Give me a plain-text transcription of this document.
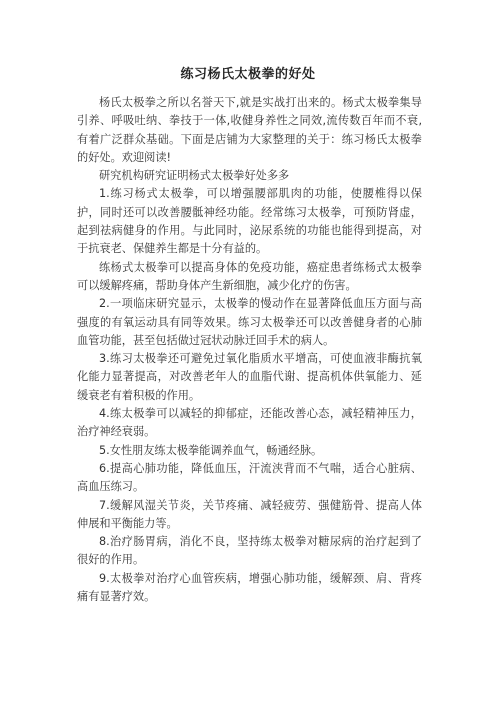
练习杨氏太极拳的好处

杨氏太极拳之所以名誉天下,就是实战打出来的。杨式太极拳集导引养、呼吸吐纳、拳技于一体,收健身养性之同效,流传数百年而不衰,有着广泛群众基础。下面是店铺为大家整理的关于：练习杨氏太极拳的好处。欢迎阅读!

研究机构研究证明杨式太极拳好处多多

1.练习杨式太极拳，可以增强腰部肌肉的功能，使腰椎得以保护，同时还可以改善腰骶神经功能。经常练习太极拳，可预防肾虚，起到祛病健身的作用。与此同时，泌尿系统的功能也能得到提高，对于抗衰老、保健养生都是十分有益的。

练杨式太极拳可以提高身体的免疫功能，癌症患者练杨式太极拳可以缓解疼痛，帮助身体产生新细胞，减少化疗的伤害。

2.一项临床研究显示，太极拳的慢动作在显著降低血压方面与高强度的有氧运动具有同等效果。练习太极拳还可以改善健身者的心肺血管功能，甚至包括做过冠状动脉迁回手术的病人。

3.练习太极拳还可避免过氧化脂质水平增高，可使血液非酶抗氧化能力显著提高，对改善老年人的血脂代谢、提高机体供氧能力、延缓衰老有着积极的作用。

4.练太极拳可以减轻的抑郁症，还能改善心态，减轻精神压力，治疗神经衰弱。

5.女性朋友练太极拳能调养血气，畅通经脉。

6.提高心肺功能，降低血压，汗流浃背而不气喘，适合心脏病、高血压练习。

7.缓解风湿关节炎，关节疼痛、减轻疲劳、强健筋骨、提高人体伸展和平衡能力等。

8.治疗肠胃病，消化不良，坚持练太极拳对糖尿病的治疗起到了很好的作用。

9.太极拳对治疗心血管疾病，增强心肺功能，缓解颈、肩、背疼痛有显著疗效。
